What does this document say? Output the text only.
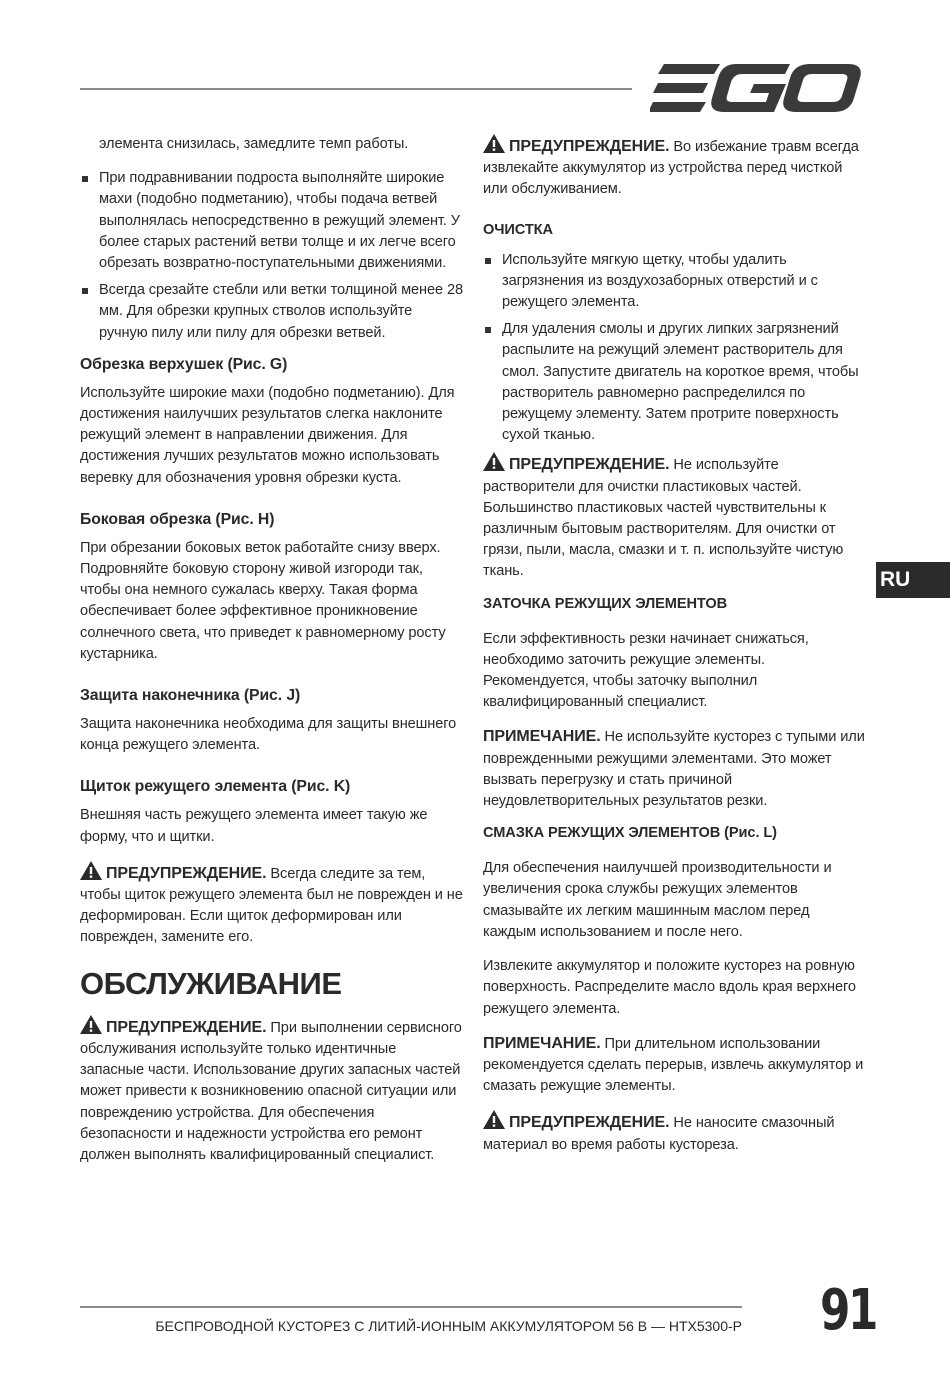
RU

элемента снизилась, замедлите темп работы.

При подравнивании подроста выполняйте широкие махи (подобно подметанию), чтобы подача ветвей выполнялась непосредственно в режущий элемент. У более старых растений ветви толще и их легче всего обрезать возвратно-поступательными движениями.
Всегда срезайте стебли или ветки толщиной менее 28 мм. Для обрезки крупных стволов используйте ручную пилу или пилу для обрезки ветвей.
Обрезка верхушек (Рис. G)

Используйте широкие махи (подобно подметанию). Для достижения наилучших результатов слегка наклоните режущий элемент в направлении движения. Для достижения лучших результатов можно использовать веревку для обозначения уровня обрезки куста.

Боковая обрезка (Рис. H)

При обрезании боковых веток работайте снизу вверх. Подровняйте боковую сторону живой изгороди так, чтобы она немного сужалась кверху. Такая форма обеспечивает более эффективное проникновение солнечного света, что приведет к равномерному росту кустарника.

Защита наконечника (Рис. J)

Защита наконечника необходима для защиты внешнего конца режущего элемента.

Щиток режущего элемента (Рис. K)

Внешняя часть режущего элемента имеет такую же форму, что и щитки.

ПРЕДУПРЕЖДЕНИЕ. Всегда следите за тем, чтобы щиток режущего элемента был не поврежден и не деформирован. Если щиток деформирован или поврежден, замените его.

ОБСЛУЖИВАНИЕ

ПРЕДУПРЕЖДЕНИЕ. При выполнении сервисного обслуживания используйте только идентичные запасные части. Использование других запасных частей может привести к возникновению опасной ситуации или повреждению устройства. Для обеспечения безопасности и надежности устройства его ремонт должен выполнять квалифицированный специалист.

ПРЕДУПРЕЖДЕНИЕ. Во избежание травм всегда извлекайте аккумулятор из устройства перед чисткой или обслуживанием.

ОЧИСТКА
Используйте мягкую щетку, чтобы удалить загрязнения из воздухозаборных отверстий и с режущего элемента.
Для удаления смолы и других липких загрязнений распылите на режущий элемент растворитель для смол. Запустите двигатель на короткое время, чтобы растворитель равномерно распределился по режущему элементу. Затем протрите поверхность сухой тканью.

ПРЕДУПРЕЖДЕНИЕ. Не используйте растворители для очистки пластиковых частей. Большинство пластиковых частей чувствительны к различным бытовым растворителям. Для очистки от грязи, пыли, масла, смазки и т. п. используйте чистую ткань.

ЗАТОЧКА РЕЖУЩИХ ЭЛЕМЕНТОВ

Если эффективность резки начинает снижаться, необходимо заточить режущие элементы. Рекомендуется, чтобы заточку выполнил квалифицированный специалист.

ПРИМЕЧАНИЕ. Не используйте кусторез с тупыми или поврежденными режущими элементами. Это может вызвать перегрузку и стать причиной неудовлетворительных результатов резки.

СМАЗКА РЕЖУЩИХ ЭЛЕМЕНТОВ (Рис. L)

Для обеспечения наилучшей производительности и увеличения срока службы режущих элементов смазывайте их легким машинным маслом перед каждым использованием и после него.

Извлеките аккумулятор и положите кусторез на ровную поверхность. Распределите масло вдоль края верхнего режущего элемента.

ПРИМЕЧАНИЕ. При длительном использовании рекомендуется сделать перерыв, извлечь аккумулятор и смазать режущие элементы.

ПРЕДУПРЕЖДЕНИЕ. Не наносите смазочный материал во время работы кустореза.

БЕСПРОВОДНОЙ КУСТОРЕЗ С ЛИТИЙ-ИОННЫМ АККУМУЛЯТОРОМ 56 В — HTX5300-P 91
